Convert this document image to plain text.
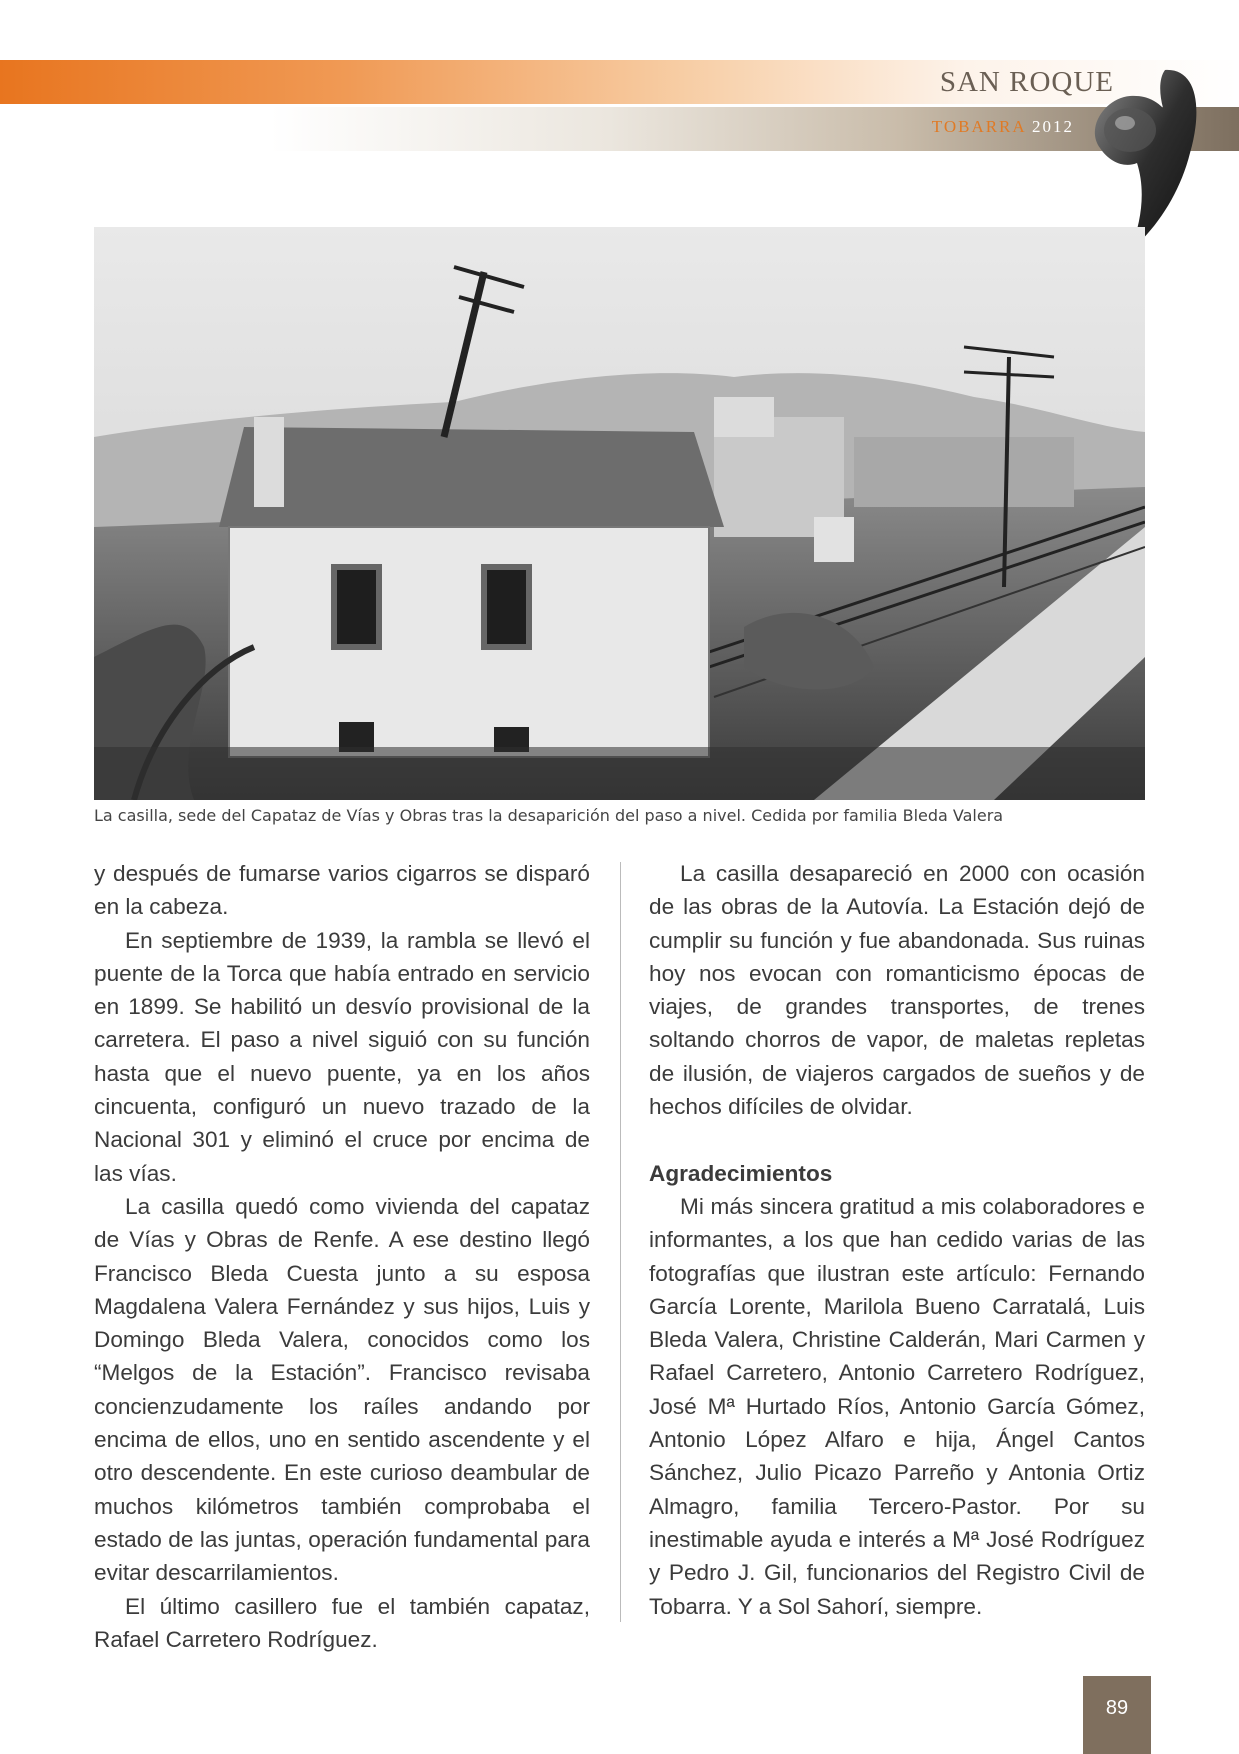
SAN ROQUE
TOBARRA 2012
La casilla, sede del Capataz de Vías y Obras tras la desaparición del paso a nivel. Cedida por familia Bleda Valera

y después de fumarse varios cigarros se disparó en la cabeza.

En septiembre de 1939, la rambla se llevó el puente de la Torca que había entrado en servicio en 1899. Se habilitó un desvío provisional de la carretera. El paso a nivel siguió con su función hasta que el nuevo puente, ya en los años cincuenta, configuró un nuevo trazado de la Nacional 301 y eliminó el cruce por encima de las vías.

La casilla quedó como vivienda del capataz de Vías y Obras de Renfe. A ese destino llegó Francisco Bleda Cuesta junto a su esposa Magdalena Valera Fernández y sus hijos, Luis y Domingo Bleda Valera, conocidos como los “Melgos de la Estación”. Francisco revisaba concienzudamente los raíles andando por encima de ellos, uno en sentido ascendente y el otro descendente. En este curioso deambular de muchos kilómetros también comprobaba el estado de las juntas, operación fundamental para evitar descarrilamientos.

El último casillero fue el también capataz, Rafael Carretero Rodríguez.

La casilla desapareció en 2000 con ocasión de las obras de la Autovía. La Estación dejó de cumplir su función y fue abandonada. Sus ruinas hoy nos evocan con romanticismo épocas de viajes, de grandes transportes, de trenes soltando chorros de vapor, de maletas repletas de ilusión, de viajeros cargados de sueños y de hechos difíciles de olvidar.

Agradecimientos

Mi más sincera gratitud a mis colaboradores e informantes, a los que han cedido varias de las fotografías que ilustran este artículo: Fernando García Lorente, Marilola Bueno Carratalá, Luis Bleda Valera, Christine Calderán, Mari Carmen y Rafael Carretero, Antonio Carretero Rodríguez, José Mª Hurtado Ríos, Antonio García Gómez, Antonio López Alfaro e hija, Ángel Cantos Sánchez, Julio Picazo Parreño y Antonia Ortiz Almagro, familia Tercero-Pastor. Por su inestimable ayuda e interés a Mª José Rodríguez y Pedro J. Gil, funcionarios del Registro Civil de Tobarra. Y a Sol Sahorí, siempre.

89
